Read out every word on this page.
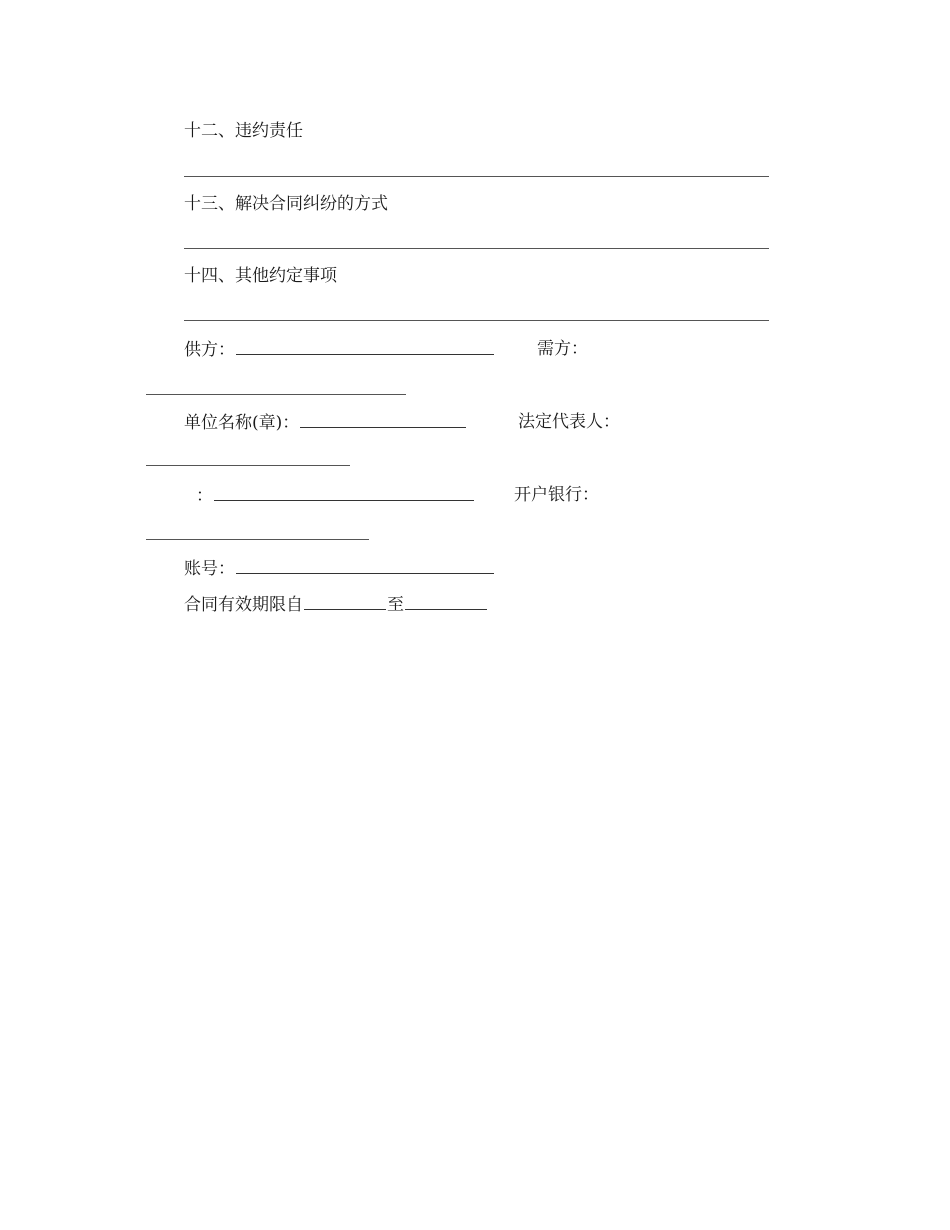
十二、违约责任
十三、解决合同纠纷的方式
十四、其他约定事项
供方：	需方：
单位名称(章)：	法定代表人：
：	开户银行：
账号：
合同有效期限自	至
